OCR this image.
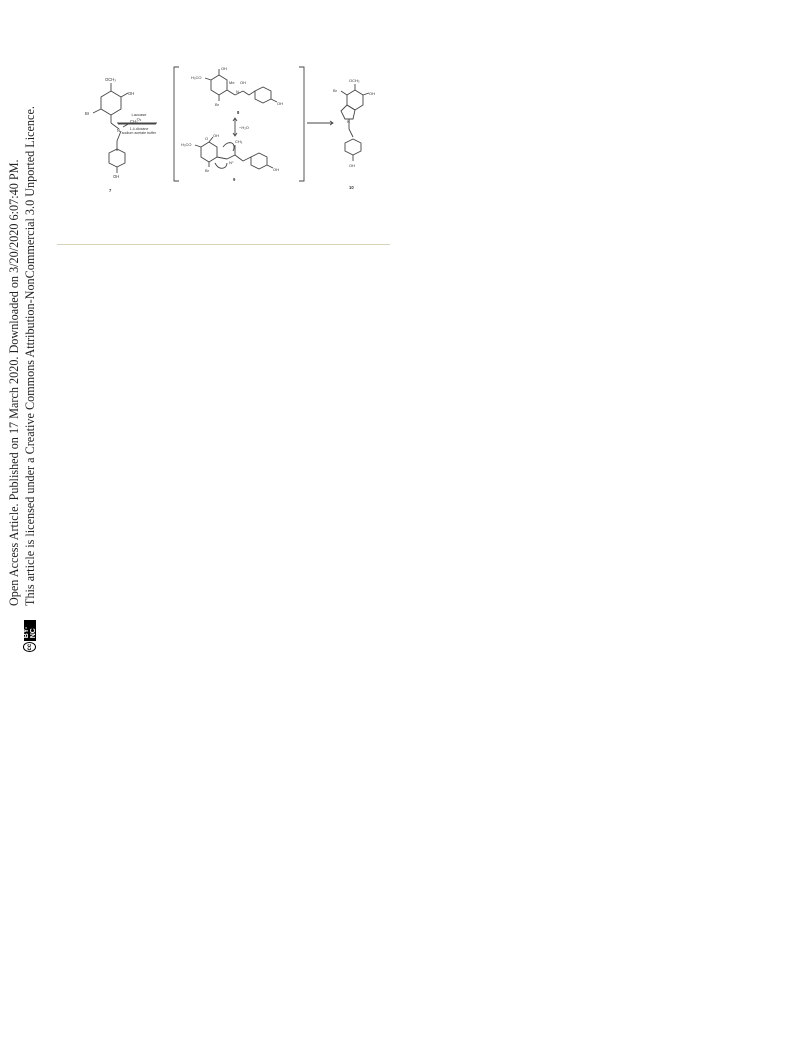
OCH₃
OH
Br
N
CH₃
OH
7
Laccase
O₂
1,4-dioxane
sodium acetate buffer
OH
H₃CO
Me OH
N
Br	OH
8
−H₂O
O
OH
H₃CO
CH₃
N⁺
Br	OH
9
OCH₃
OH
Br
N
OH
10
Open Access Article. Published on 17 March 2020. Downloaded on 3/20/2020 6:07:40 PM.
cc
BY-NC
This article is licensed under a Creative Commons Attribution-NonCommercial 3.0 Unported Licence.
